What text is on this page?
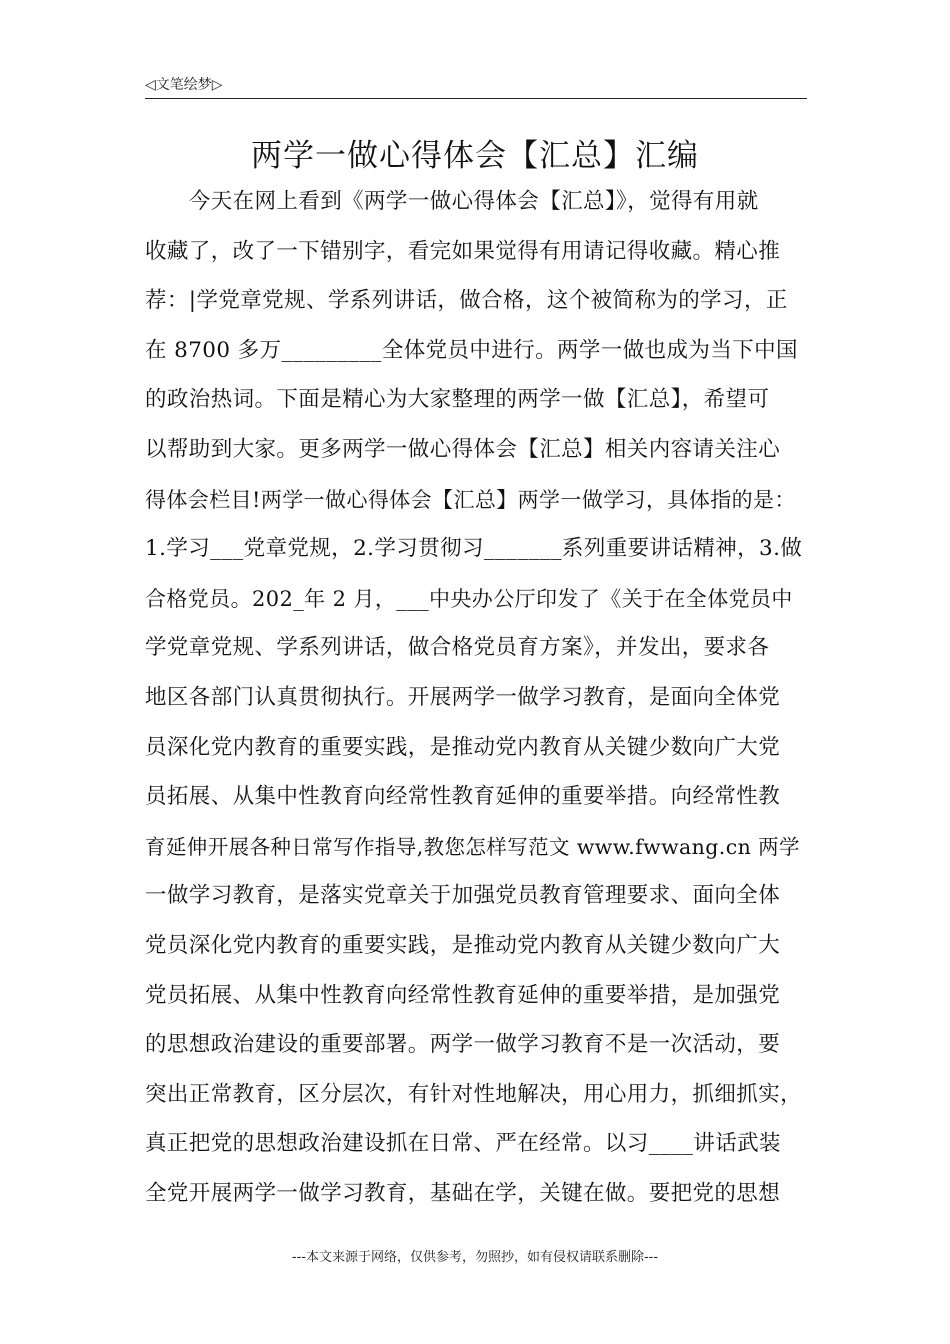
◁文笔绘梦▷
两学一做心得体会【汇总】汇编
　　今天在网上看到《两学一做心得体会【汇总】》，觉得有用就
收藏了，改了一下错别字，看完如果觉得有用请记得收藏。精心推
荐：|学党章党规、学系列讲话，做合格，这个被简称为的学习，正
在 8700 多万_________全体党员中进行。两学一做也成为当下中国
的政治热词。下面是精心为大家整理的两学一做【汇总】，希望可
以帮助到大家。更多两学一做心得体会【汇总】相关内容请关注心
得体会栏目!两学一做心得体会【汇总】两学一做学习，具体指的是：
1.学习___党章党规，2.学习贯彻习_______系列重要讲话精神，3.做
合格党员。202_年 2 月，___中央办公厅印发了《关于在全体党员中
学党章党规、学系列讲话，做合格党员育方案》，并发出，要求各
地区各部门认真贯彻执行。开展两学一做学习教育，是面向全体党
员深化党内教育的重要实践，是推动党内教育从关键少数向广大党
员拓展、从集中性教育向经常性教育延伸的重要举措。向经常性教
育延伸开展各种日常写作指导,教您怎样写范文 www.fwwang.cn 两学
一做学习教育，是落实党章关于加强党员教育管理要求、面向全体
党员深化党内教育的重要实践，是推动党内教育从关键少数向广大
党员拓展、从集中性教育向经常性教育延伸的重要举措，是加强党
的思想政治建设的重要部署。两学一做学习教育不是一次活动，要
突出正常教育，区分层次，有针对性地解决，用心用力，抓细抓实，
真正把党的思想政治建设抓在日常、严在经常。以习____讲话武装
全党开展两学一做学习教育，基础在学，关键在做。要把党的思想
---本文来源于网络，仅供参考，勿照抄，如有侵权请联系删除---
